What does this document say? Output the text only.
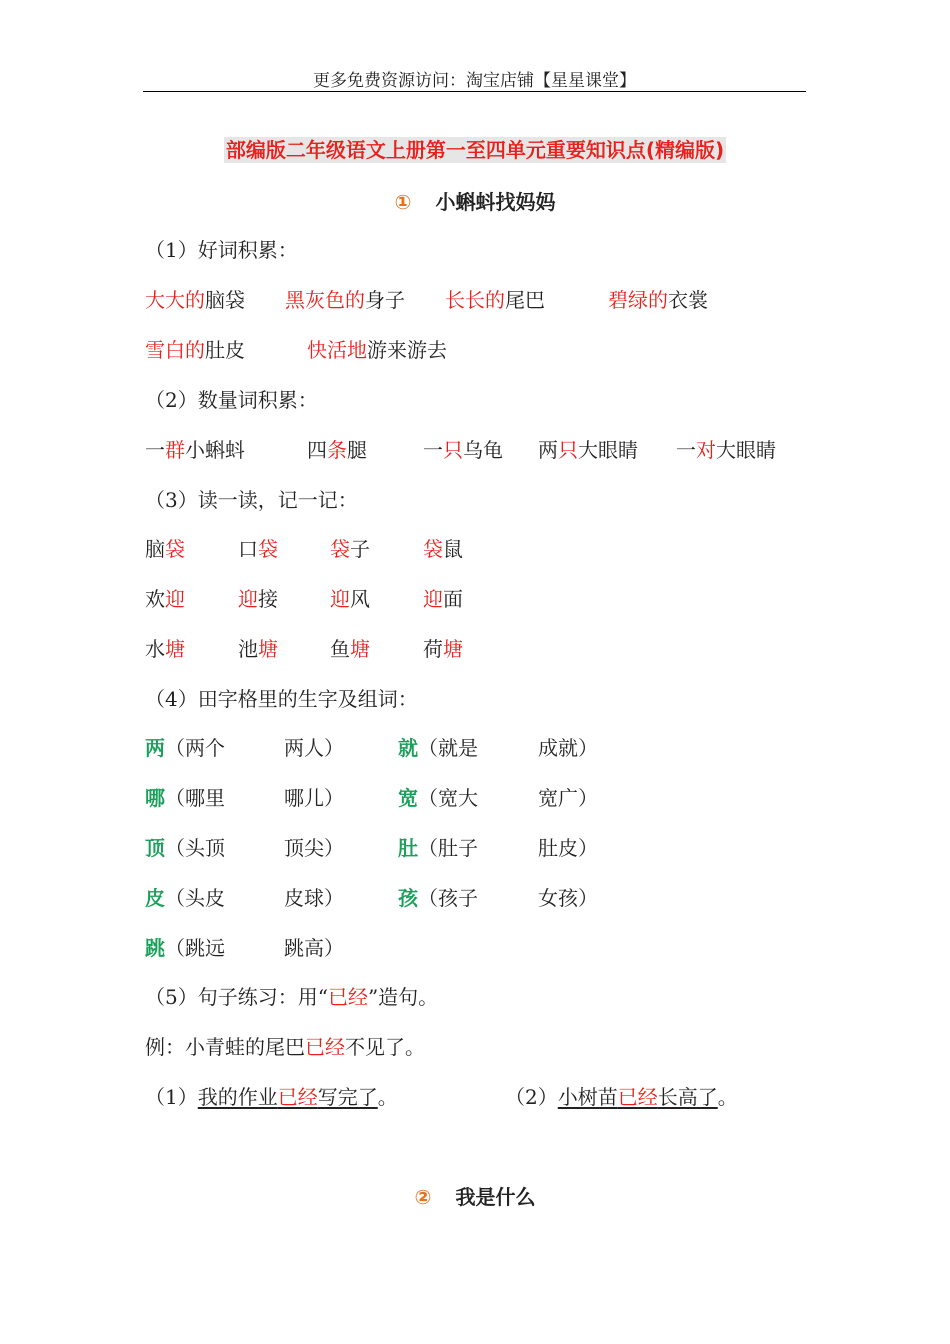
更多免费资源访问：淘宝店铺【星星课堂】
部编版二年级语文上册第一至四单元重要知识点(精编版)
① 小蝌蚪找妈妈
（1）好词积累：
大大的脑袋 黑灰色的身子 长长的尾巴	碧绿的衣裳
雪白的肚皮	快活地游来游去
（2）数量词积累：
一群小蝌蚪	四条腿	一只乌龟 两只大眼睛 一对大眼睛
（3）读一读，记一记：
脑袋	口袋	袋子	袋鼠
欢迎	迎接	迎风	迎面
水塘	池塘	鱼塘	荷塘
（4）田字格里的生字及组词：
两（两个	两人）	就（就是	成就）
哪（哪里	哪儿）	宽（宽大	宽广）
顶（头顶	顶尖）	肚（肚子	肚皮）
皮（头皮	皮球）	孩（孩子	女孩）
跳（跳远	跳高）
（5）句子练习：用“已经”造句。
例：小青蛙的尾巴已经不见了。
（1）我的作业已经写完了。	（2）小树苗已经长高了。
② 我是什么
